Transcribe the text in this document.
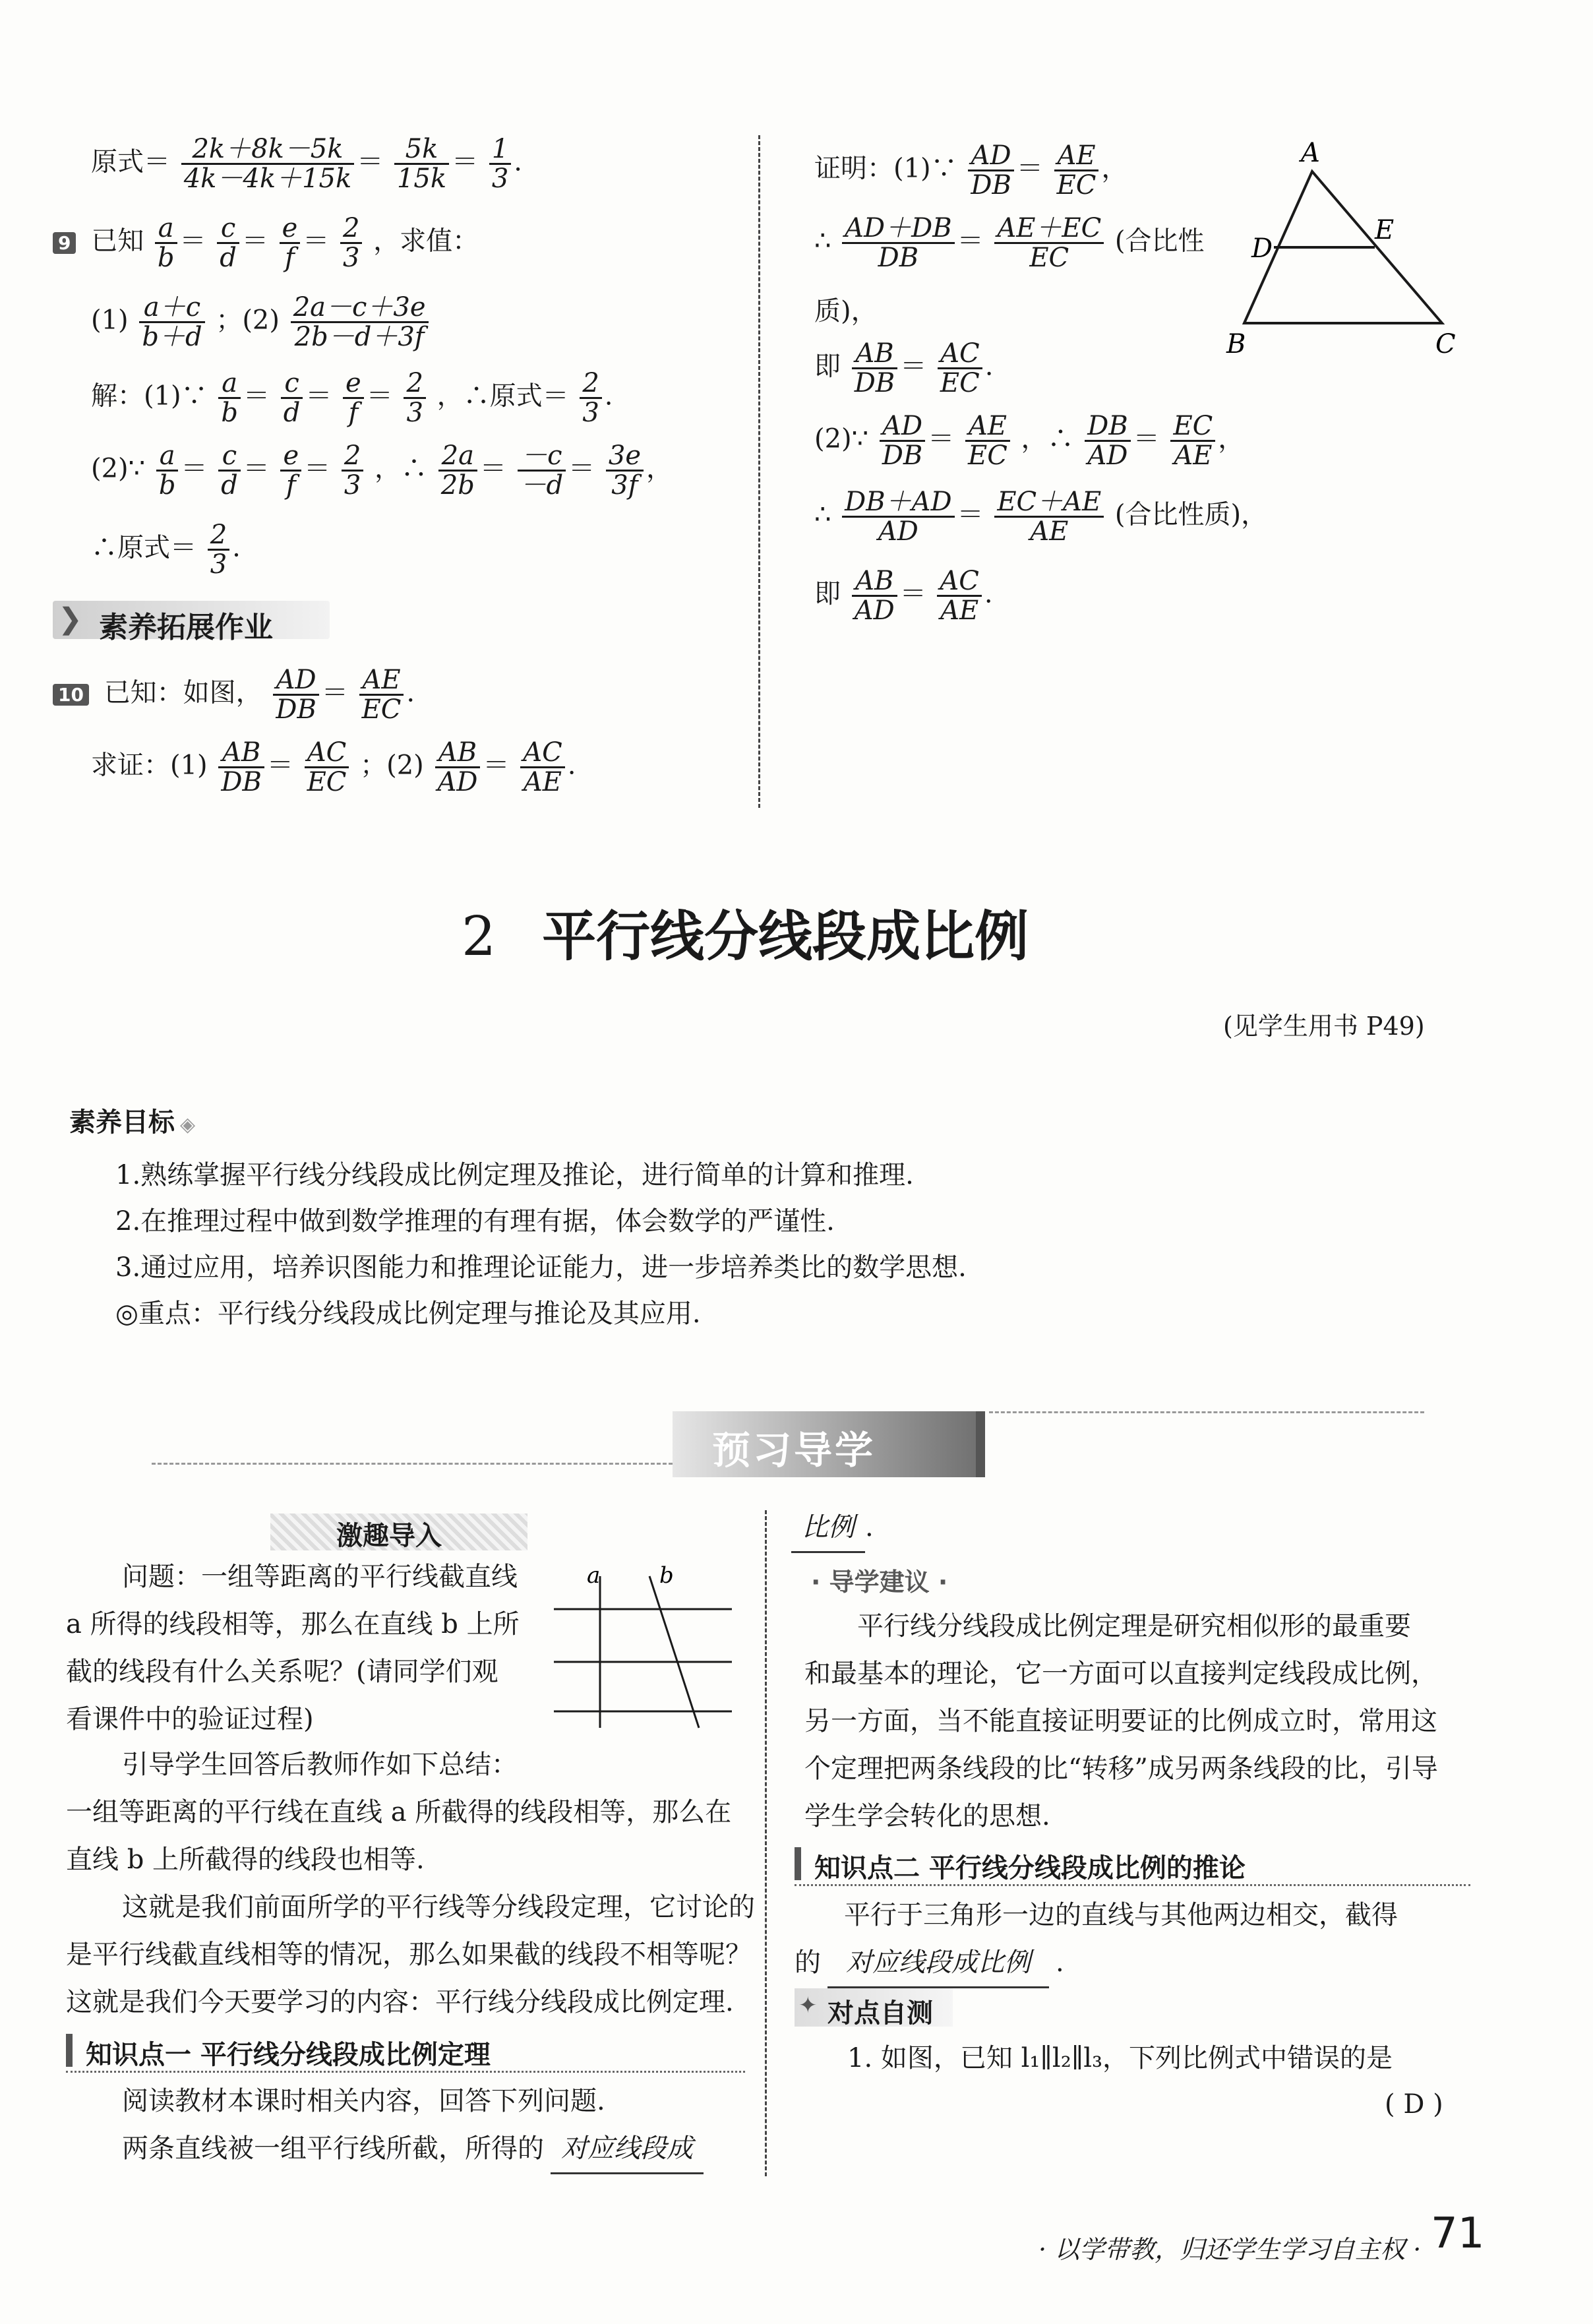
原式＝ $\frac{2k+8k-5k}{4k-4k+15k} = \frac{5k}{15k} = \frac{1}{3}$ .
9 已知 $\frac{a}{b} = \frac{c}{d} = \frac{e}{f} = \frac{2}{3}$ ，求值：
$(1) \frac{a+c}{b+d}$ ；$(2) \frac{2a-c+3e}{2b-d+3f}$
解：(1)∵ $\frac{a}{b} = \frac{c}{d} = \frac{e}{f} = \frac{2}{3}$ ，∴原式＝ $\frac{2}{3}$ .
(2)∵ $\frac{a}{b} = \frac{c}{d} = \frac{e}{f} = \frac{2}{3}$ ，∴ $\frac{2a}{2b} = \frac{-c}{-d} = \frac{3e}{3f}$ ，
∴原式＝ $\frac{2}{3}$ .
❯ 素养拓展作业
10 已知：如图， $\frac{AD}{DB} = \frac{AE}{EC}$ .
求证：$(1) \frac{AB}{DB} = \frac{AC}{EC}$ ；$(2) \frac{AB}{AD} = \frac{AC}{AE}$ .
证明：(1)∵ $\frac{AD}{DB} = \frac{AE}{EC}$ ，
∴ $\frac{AD+DB}{DB} = \frac{AE+EC}{EC}$ (合比性
质)，
即 $\frac{AB}{DB} = \frac{AC}{EC}$ .
(2)∵ $\frac{AD}{DB} = \frac{AE}{EC}$ ，∴ $\frac{DB}{AD} = \frac{EC}{AE}$ ，
∴ $\frac{DB+AD}{AD} = \frac{EC+AE}{AE}$ (合比性质)，
即 $\frac{AB}{AD} = \frac{AC}{AE}$ .
A
B	C
D
E
2 平行线分线段成比例
(见学生用书 P49)
素养目标 ◈
1.熟练掌握平行线分线段成比例定理及推论，进行简单的计算和推理.
2.在推理过程中做到数学推理的有理有据，体会数学的严谨性.
3.通过应用，培养识图能力和推理论证能力，进一步培养类比的数学思想.
◎重点：平行线分线段成比例定理与推论及其应用.
预习导学
激趣导入
问题：一组等距离的平行线截直线
a 所得的线段相等，那么在直线 b 上所
截的线段有什么关系呢？(请同学们观
看课件中的验证过程)
a	b
引导学生回答后教师作如下总结：
一组等距离的平行线在直线 a 所截得的线段相等，那么在
直线 b 上所截得的线段也相等.
这就是我们前面所学的平行线等分线段定理，它讨论的
是平行线截直线相等的情况，那么如果截的线段不相等呢？
这就是我们今天要学习的内容：平行线分线段成比例定理.
知识点一 平行线分线段成比例定理
阅读教材本课时相关内容，回答下列问题.
两条直线被一组平行线所截，所得的 对应线段成
比例 .
· 导学建议 ·
平行线分线段成比例定理是研究相似形的最重要
和最基本的理论，它一方面可以直接判定线段成比例，
另一方面，当不能直接证明要证的比例成立时，常用这
个定理把两条线段的比“转移”成另两条线段的比，引导
学生学会转化的思想.
知识点二 平行线分线段成比例的推论
平行于三角形一边的直线与其他两边相交，截得
的 对应线段成比例 .
✦ 对点自测
1. 如图，已知 l₁∥l₂∥l₃，下列比例式中错误的是
( D )
· 以学带教，归还学生学习自主权 · 71
